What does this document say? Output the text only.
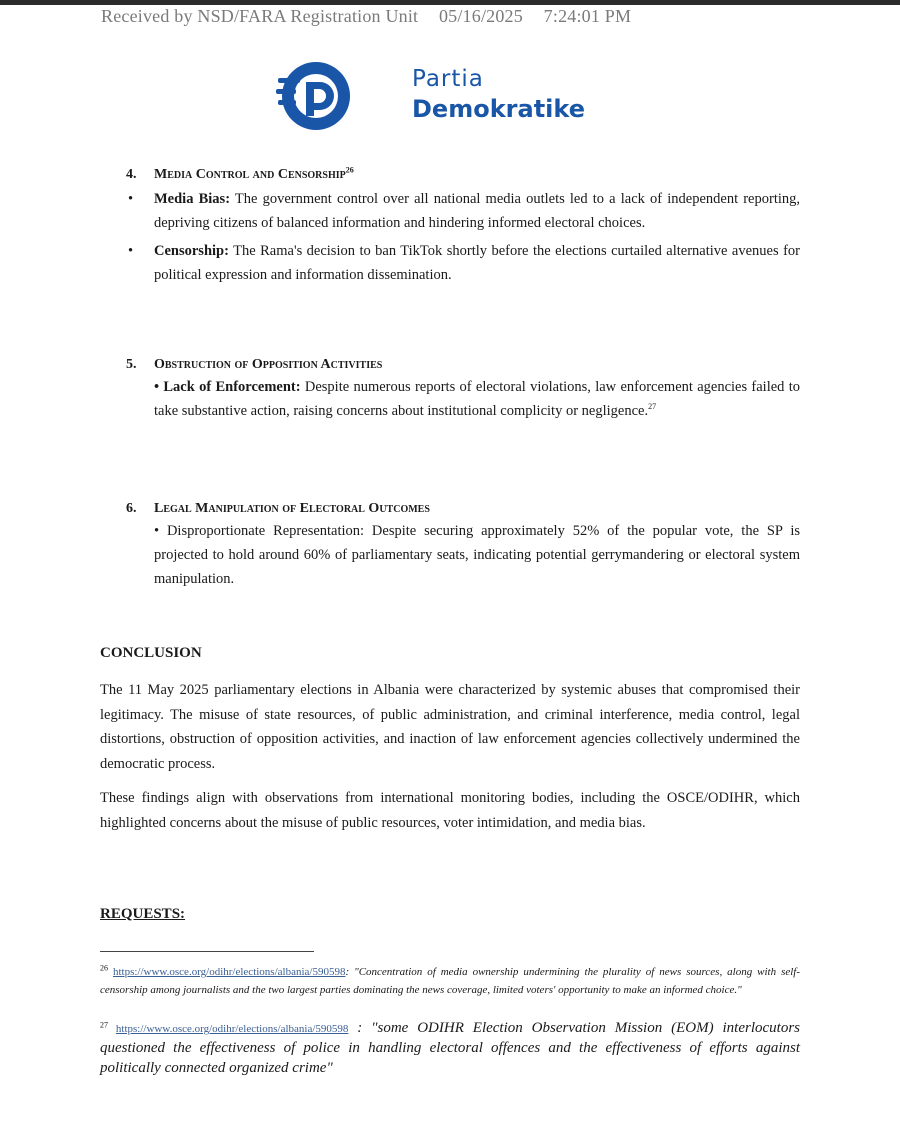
Received by NSD/FARA Registration Unit 05/16/2025 7:24:01 PM
Partia
Demokratike
4. Media Control and Censorship$^{26}$
• Media Bias: The government control over all national media outlets led to a lack of independent reporting, depriving citizens of balanced information and hindering informed electoral choices.
• Censorship: The Rama's decision to ban TikTok shortly before the elections curtailed alternative avenues for political expression and information dissemination.
5. Obstruction of Opposition Activities
• Lack of Enforcement: Despite numerous reports of electoral violations, law enforcement agencies failed to take substantive action, raising concerns about institutional complicity or negligence.$^{27}$
6. Legal Manipulation of Electoral Outcomes
• Disproportionate Representation: Despite securing approximately 52% of the popular vote, the SP is projected to hold around 60% of parliamentary seats, indicating potential gerrymandering or electoral system manipulation.
CONCLUSION
The 11 May 2025 parliamentary elections in Albania were characterized by systemic abuses that compromised their legitimacy. The misuse of state resources, of public administration, and criminal interference, media control, legal distortions, obstruction of opposition activities, and inaction of law enforcement agencies collectively undermined the democratic process.
These findings align with observations from international monitoring bodies, including the OSCE/ODIHR, which highlighted concerns about the misuse of public resources, voter intimidation, and media bias.
REQUESTS:
$^{26}$ https://www.osce.org/odihr/elections/albania/590598: "Concentration of media ownership undermining the plurality of news sources, along with self-censorship among journalists and the two largest parties dominating the news coverage, limited voters' opportunity to make an informed choice."
$^{27}$ https://www.osce.org/odihr/elections/albania/590598 : "some ODIHR Election Observation Mission (EOM) interlocutors questioned the effectiveness of police in handling electoral offences and the effectiveness of efforts against politically connected organized crime"
